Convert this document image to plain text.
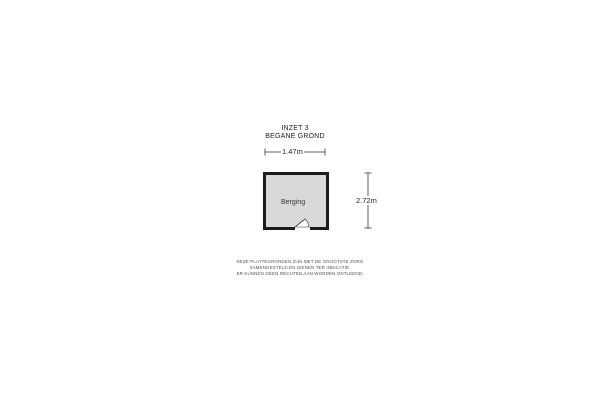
INZET 3
BEGANE GROND
1.47m
2.72m
Berging
DEZE PLATTEGRONDEN ZIJN MET DE GROOTSTE ZORG
SAMENGESTELD EN DIENEN TER INDICATIE.
ER KUNNEN GEEN RECHTEN AAN WORDEN ONTLEEND.
